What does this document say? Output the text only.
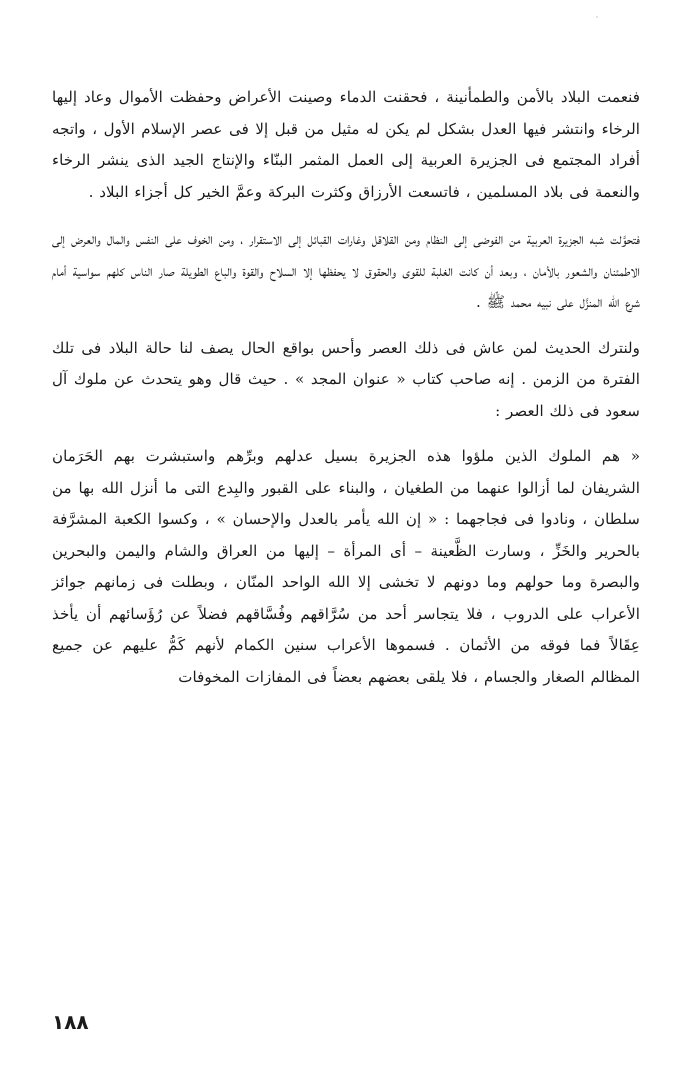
فنعمت البلاد بالأمن والطمأنينة ، فحقنت الدماء وصينت الأعراض وحفظت الأموال وعاد إليها الرخاء وانتشر فيها العدل بشكل لم يكن له مثيل من قبل إلا فى عصر الإسلام الأول ، واتجه أفراد المجتمع فى الجزيرة العربية إلى العمل المثمر البنّاء والإنتاج الجيد الذى ينشر الرخاء والنعمة فى بلاد المسلمين ، فاتسعت الأرزاق وكثرت البركة وعمَّ الخير كل أجزاء البلاد .

فتحوَّلت شبه الجزيرة العربية من الفوضى إلى النظام ومن القلاقل وغارات القبائل إلى الاستقرار ، ومن الخوف على النفس والمال والعرض إلى الاطمئنان والشعور بالأمان ، وبعد أن كانت الغلبة للقوى والحقوق لا يحفظها إلا السلاح والقوة والباع الطويلة صار الناس كلهم سواسية أمام شرع الله المنزَّل على نبيه محمد ﷺ .

ولنترك الحديث لمن عاش فى ذلك العصر وأحس بواقع الحال يصف لنا حالة البلاد فى تلك الفترة من الزمن . إنه صاحب كتاب « عنوان المجد » . حيث قال وهو يتحدث عن ملوك آل سعود فى ذلك العصر :

« هم الملوك الذين ملؤوا هذه الجزيرة بسيل عدلهم وبرِّهم واستبشرت بهم الحَرَمان الشريفان لما أزالوا عنهما من الطغيان ، والبناء على القبور والبِدع التى ما أنزل الله بها من سلطان ، ونادوا فى فجاجهما : « إن الله يأمر بالعدل والإحسان » ، وكسوا الكعبة المشرَّفة بالحرير والخَزِّ ، وسارت الظَّعينة – أى المرأة – إليها من العراق والشام واليمن والبحرين والبصرة وما حولهم وما دونهم لا تخشى إلا الله الواحد المنّان ، وبطلت فى زمانهم جوائز الأعراب على الدروب ، فلا يتجاسر أحد من سُرَّاقهم وفُسَّاقهم فضلاً عن رُؤَسائهم أن يأخذ عِقَالاً فما فوقه من الأثمان . فسموها الأعراب سنين الكمام لأنهم كَمُّ عليهم عن جميع المظالم الصغار والجسام ، فلا يلقى بعضهم بعضاً فى المفازات المخوفات

١٨٨
